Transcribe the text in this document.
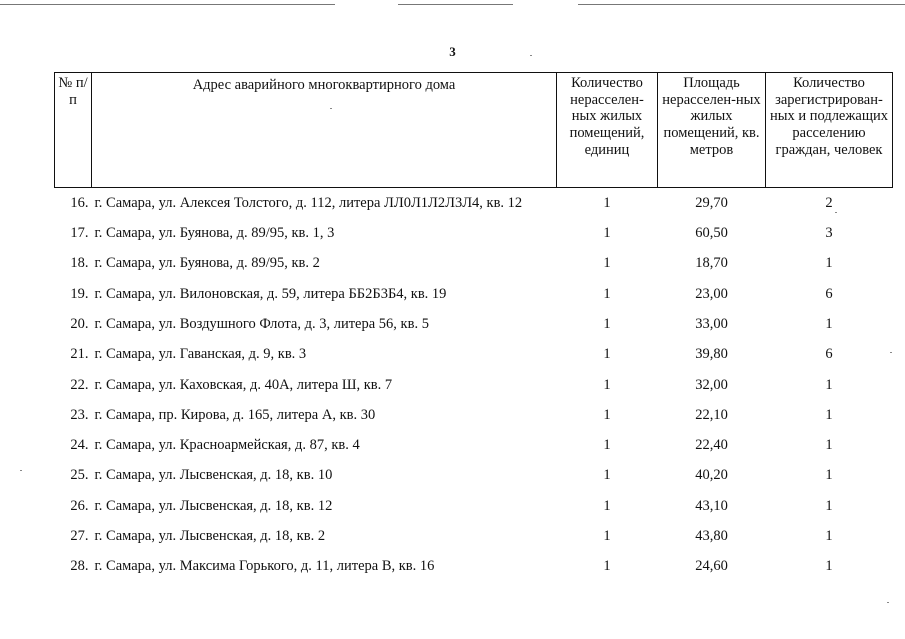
3
№ п/п	Адрес аварийного многоквартирного дома	Количество нерасселен-ных жилых помещений, единиц	Площадь нерасселен-ных жилых помещений, кв. метров	Количество зарегистрирован-ных и подлежащих расселению граждан, человек
16.	г. Самара, ул. Алексея Толстого, д. 112, литера ЛЛ0Л1Л2Л3Л4, кв. 12	1	29,70	2
17.	г. Самара, ул. Буянова, д. 89/95, кв. 1, 3	1	60,50	3
18.	г. Самара, ул. Буянова, д. 89/95, кв. 2	1	18,70	1
19.	г. Самара, ул. Вилоновская, д. 59, литера ББ2Б3Б4, кв. 19	1	23,00	6
20.	г. Самара, ул. Воздушного Флота, д. 3, литера 56, кв. 5	1	33,00	1
21.	г. Самара, ул. Гаванская, д. 9, кв. 3	1	39,80	6
22.	г. Самара, ул. Каховская, д. 40А, литера Ш, кв. 7	1	32,00	1
23.	г. Самара, пр. Кирова, д. 165, литера А, кв. 30	1	22,10	1
24.	г. Самара, ул. Красноармейская, д. 87, кв. 4	1	22,40	1
25.	г. Самара, ул. Лысвенская, д. 18, кв. 10	1	40,20	1
26.	г. Самара, ул. Лысвенская, д. 18, кв. 12	1	43,10	1
27.	г. Самара, ул. Лысвенская, д. 18, кв. 2	1	43,80	1
28.	г. Самара, ул. Максима Горького, д. 11, литера В, кв. 16	1	24,60	1
